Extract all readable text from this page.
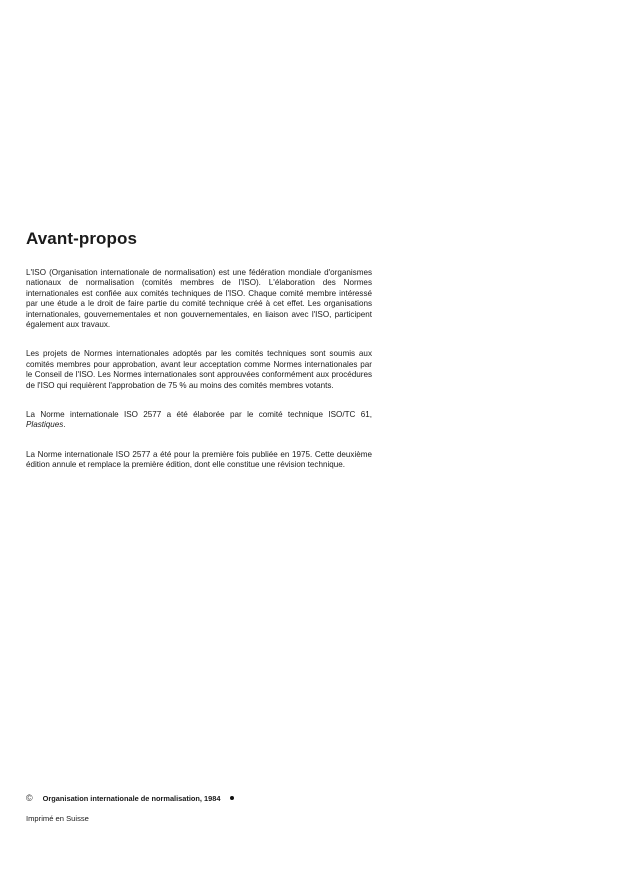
Avant-propos

L'ISO (Organisation internationale de normalisation) est une fédération mondiale d'organismes nationaux de normalisation (comités membres de l'ISO). L'élaboration des Normes internationales est confiée aux comités techniques de l'ISO. Chaque comité membre intéressé par une étude a le droit de faire partie du comité technique créé à cet effet. Les organisations internationales, gouvernementales et non gouvernementales, en liaison avec l'ISO, participent également aux travaux.

Les projets de Normes internationales adoptés par les comités techniques sont soumis aux comités membres pour approbation, avant leur acceptation comme Normes internationales par le Conseil de l'ISO. Les Normes internationales sont approuvées conformément aux procédures de l'ISO qui requièrent l'approbation de 75 % au moins des comités membres votants.

La Norme internationale ISO 2577 a été élaborée par le comité technique ISO/TC 61, Plastiques.

La Norme internationale ISO 2577 a été pour la première fois publiée en 1975. Cette deuxième édition annule et remplace la première édition, dont elle constitue une révision technique.

© Organisation internationale de normalisation, 1984
Imprimé en Suisse
